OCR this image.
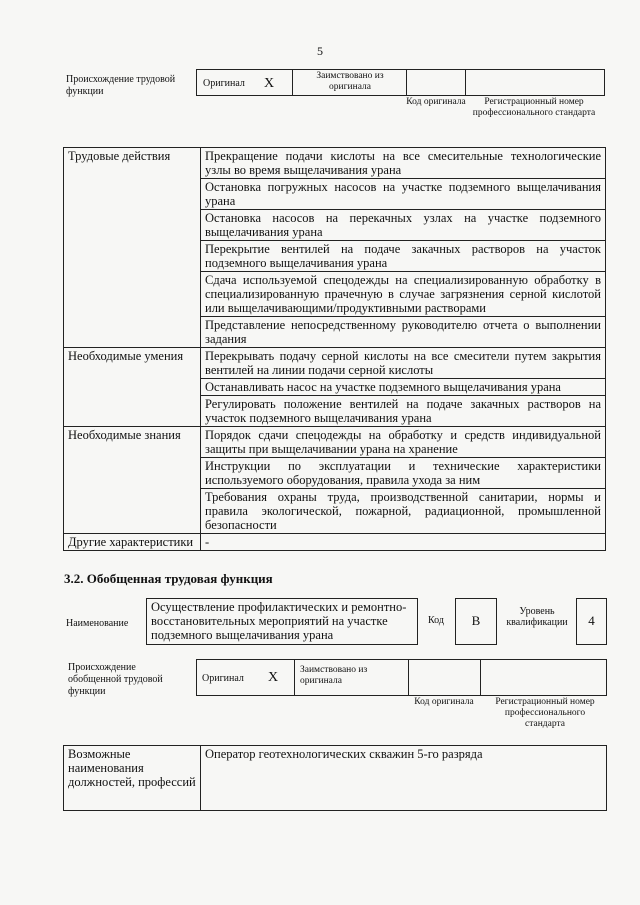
5
Происхождение трудовой функции
Оригинал X	Заимствовано из оригинала
Код оригинала	Регистрационный номер профессионального стандарта
Трудовые действия	Прекращение подачи кислоты на все смесительные технологические узлы во время выщелачивания урана
	Остановка погружных насосов на участке подземного выщелачивания урана
	Остановка насосов на перекачных узлах на участке подземного выщелачивания урана
	Перекрытие вентилей на подаче закачных растворов на участок подземного выщелачивания урана
	Сдача используемой спецодежды на специализированную обработку в специализированную прачечную в случае загрязнения серной кислотой или выщелачивающими/продуктивными растворами
	Представление непосредственному руководителю отчета о выполнении задания
Необходимые умения	Перекрывать подачу серной кислоты на все смесители путем закрытия вентилей на линии подачи серной кислоты
	Останавливать насос на участке подземного выщелачивания урана
	Регулировать положение вентилей на подаче закачных растворов на участок подземного выщелачивания урана
Необходимые знания	Порядок сдачи спецодежды на обработку и средств индивидуальной защиты при выщелачивании урана на хранение
	Инструкции по эксплуатации и технические характеристики используемого оборудования, правила ухода за ним
	Требования охраны труда, производственной санитарии, нормы и правила экологической, пожарной, радиационной, промышленной безопасности
Другие характеристики	-
3.2. Обобщенная трудовая функция
Наименование
Осуществление профилактических и ремонтно-восстановительных мероприятий на участке подземного выщелачивания урана
Код	B
Уровень квалификации	4
Происхождение обобщенной трудовой функции
Оригинал X Заимствовано из оригинала
Код оригинала	Регистрационный номер профессионального стандарта
Возможные наименования должностей, профессий	Оператор геотехнологических скважин 5-го разряда
